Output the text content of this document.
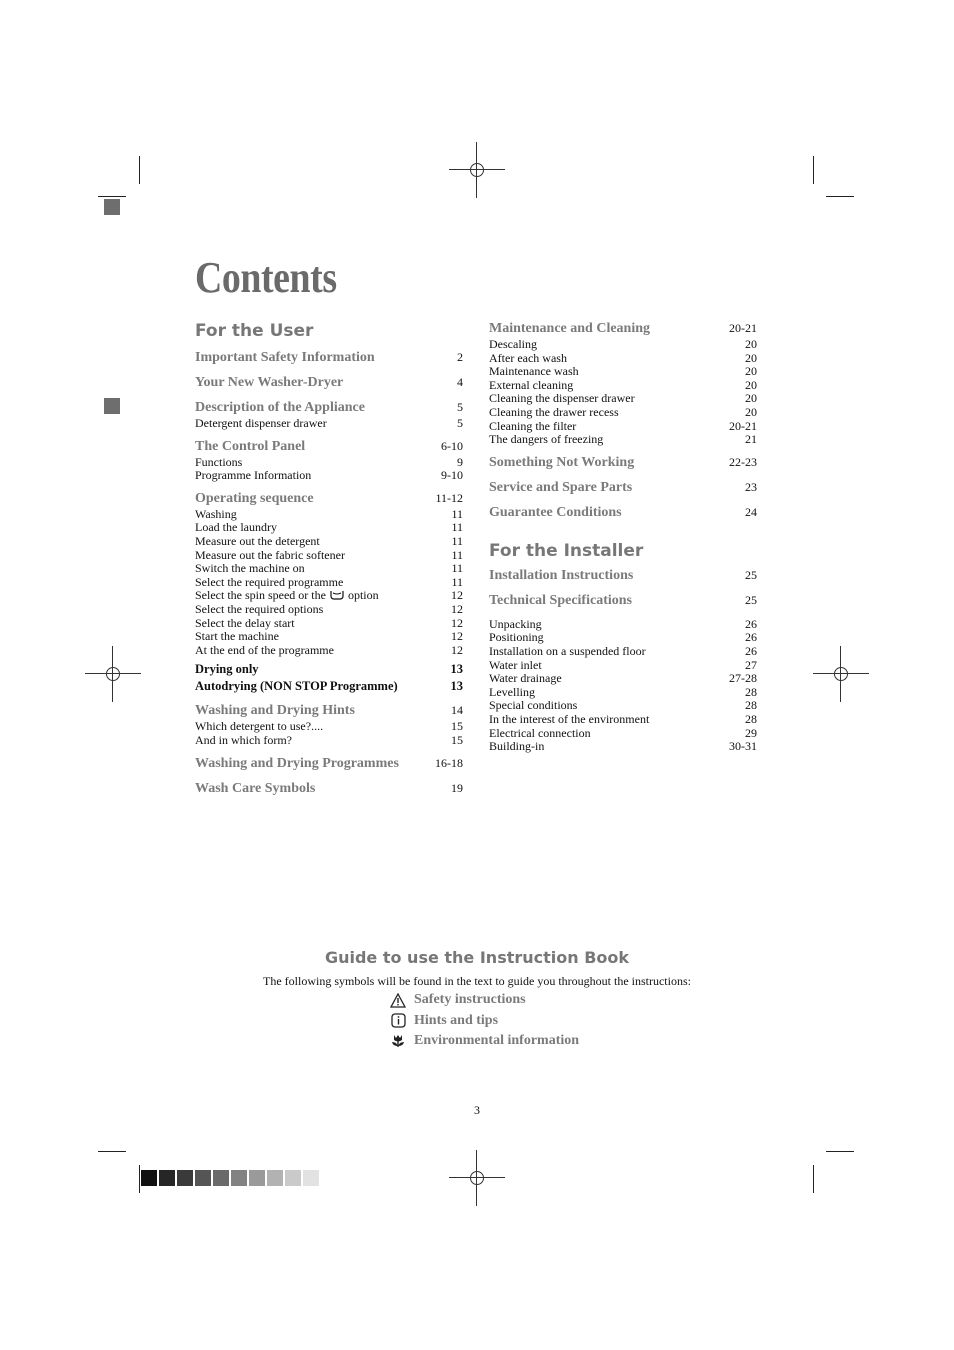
Contents
For the User
Important Safety Information	2
Your New Washer-Dryer	4
Description of the Appliance	5
Detergent dispenser drawer	5
The Control Panel	6-10
Functions	9
Programme Information	9-10
Operating sequence	11-12
Washing	11
Load the laundry	11
Measure out the detergent	11
Measure out the fabric softener	11
Switch the machine on	11
Select the required programme	11
Select the spin speed or the option	12
Select the required options	12
Select the delay start	12
Start the machine	12
At the end of the programme	12
Drying only	13
Autodrying (NON STOP Programme)	13
Washing and Drying Hints	14
Which detergent to use?....	15
And in which form?	15
Washing and Drying Programmes	16-18
Wash Care Symbols	19
Maintenance and Cleaning	20-21
Descaling	20
After each wash	20
Maintenance wash	20
External cleaning	20
Cleaning the dispenser drawer	20
Cleaning the drawer recess	20
Cleaning the filter	20-21
The dangers of freezing	21
Something Not Working	22-23
Service and Spare Parts	23
Guarantee Conditions	24
For the Installer
Installation Instructions	25
Technical Specifications	25
Unpacking	26
Positioning	26
Installation on a suspended floor	26
Water inlet	27
Water drainage	27-28
Levelling	28
Special conditions	28
In the interest of the environment	28
Electrical connection	29
Building-in	30-31
Guide to use the Instruction Book
The following symbols will be found in the text to guide you throughout the instructions:
Safety instructions
Hints and tips
Environmental information
3
